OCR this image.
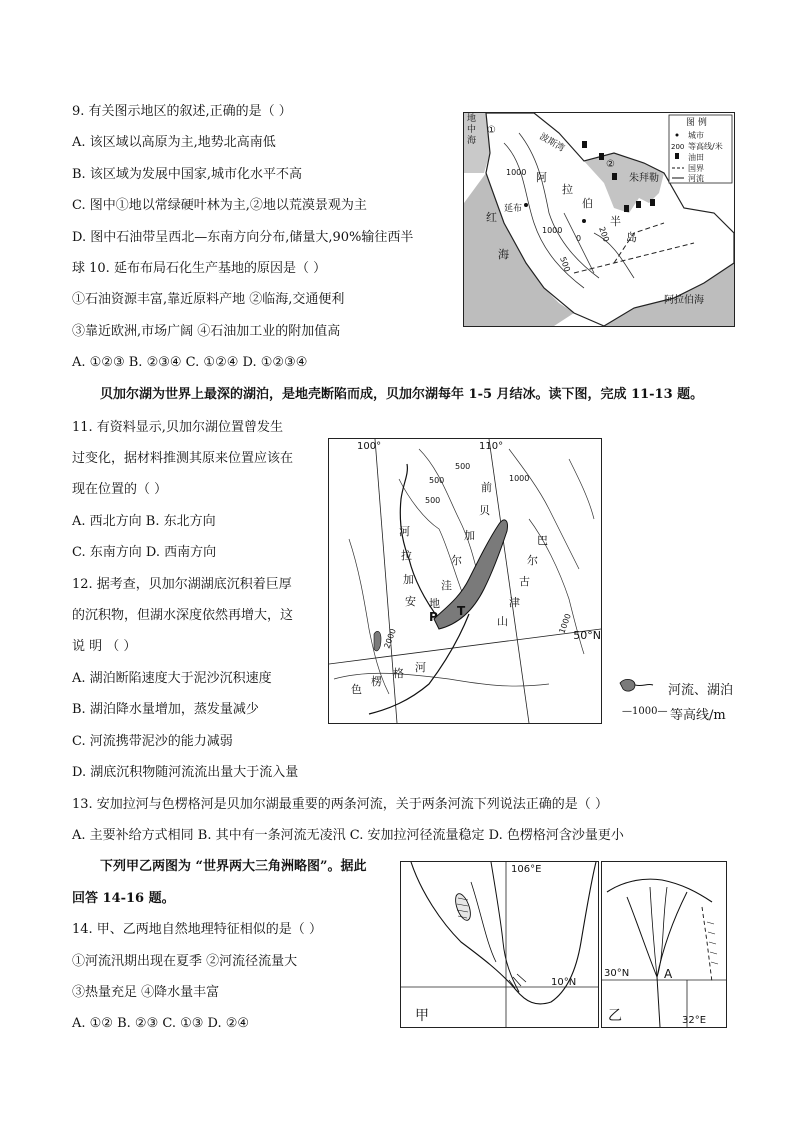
9. 有关图示地区的叙述,正确的是（ ）
A. 该区域以高原为主,地势北高南低
B. 该区域为发展中国家,城市化水平不高
C. 图中①地以常绿硬叶林为主,②地以荒漠景观为主
D. 图中石油带呈西北—东南方向分布,储量大,90%输往西半
球 10. 延布布局石化生产基地的原因是（ ）
①石油资源丰富,靠近原料产地 ②临海,交通便利
③靠近欧洲,市场广阔 ④石油加工业的附加值高
A. ①②③ B. ②③④ C. ①②④ D. ①②③④
地 中 海
①
波斯湾
②
阿
拉
伯
半
岛
延布
红
海
朱拜勒
阿拉伯海
1000
1000
500
200
0
图 例
城市
200 等高线/米
油田
国界
河流
贝加尔湖为世界上最深的湖泊，是地壳断陷而成，贝加尔湖每年 1-5 月结冰。读下图，完成 11-13 题。
11. 有资料显示,贝加尔湖位置曾发生
过变化，据材料推测其原来位置应该在
现在位置的（ ）
A. 西北方向 B. 东北方向
C. 东南方向 D. 西南方向
12. 据考查，贝加尔湖湖底沉积着巨厚
的沉积物，但湖水深度依然再增大，这
说 明 （ ）
A. 湖泊断陷速度大于泥沙沉积速度
B. 湖泊降水量增加，蒸发量减少
C. 河流携带泥沙的能力减弱
D. 湖底沉积物随河流流出量大于流入量
100°	110°
50°N
500
500
500
1000
1000
2000
前
贝
加
尔
洼
地
安
加
拉
河
巴
尔
古
津
山
P T
色
楞
格 河
河流、湖泊
—1000— 等高线/m
13. 安加拉河与色楞格河是贝加尔湖最重要的两条河流，关于两条河流下列说法正确的是（ ）
A. 主要补给方式相同 B. 其中有一条河流无凌汛 C. 安加拉河径流量稳定 D. 色楞格河含沙量更小
下列甲乙两图为 “世界两大三角洲略图”。据此
回答 14-16 题。
14. 甲、乙两地自然地理特征相似的是（ ）
①河流汛期出现在夏季 ②河流径流量大
③热量充足 ④降水量丰富
A. ①② B. ②③ C. ①③ D. ②④
106°E
10°N
甲
30°N	A
32°E
乙
